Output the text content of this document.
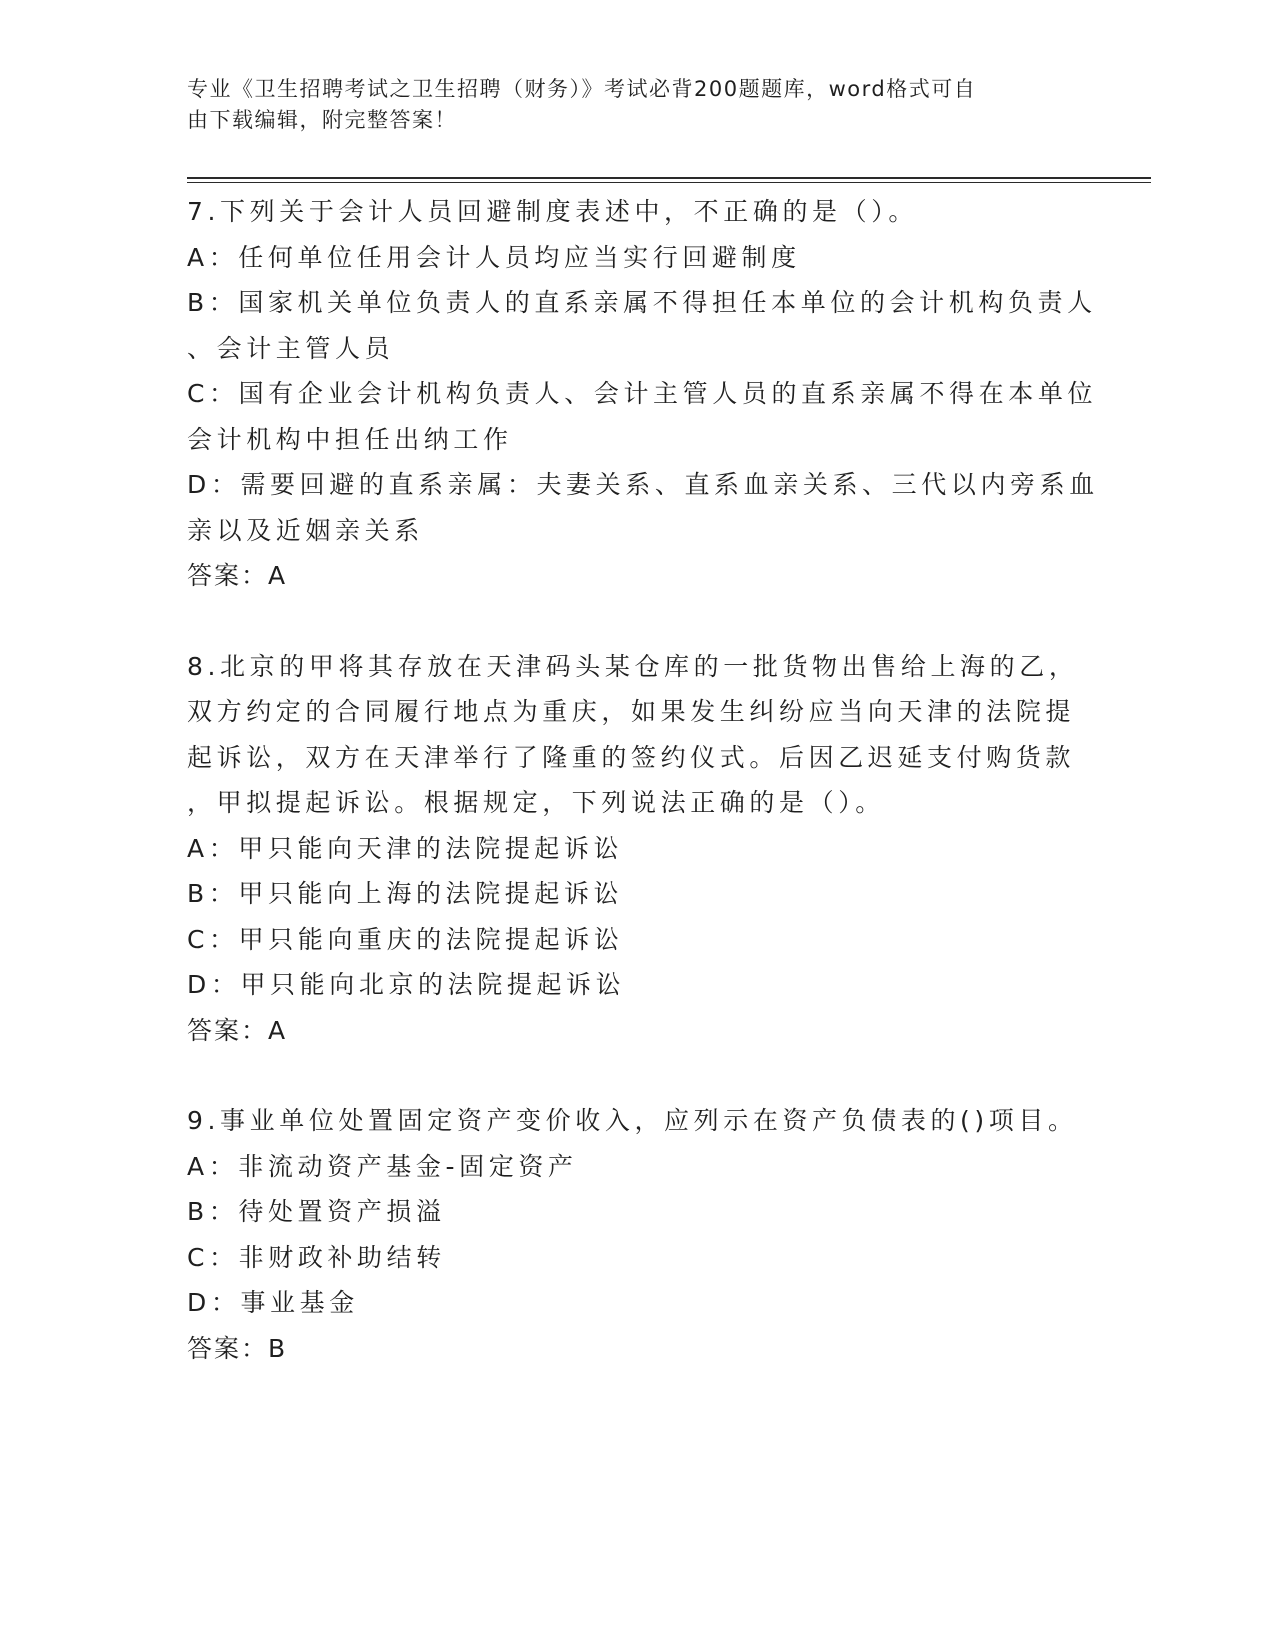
专业《卫生招聘考试之卫生招聘（财务）》考试必背200题题库，word格式可自
由下载编辑，附完整答案！
7.下列关于会计人员回避制度表述中，不正确的是（）。
A：任何单位任用会计人员均应当实行回避制度
B：国家机关单位负责人的直系亲属不得担任本单位的会计机构负责人
、会计主管人员
C：国有企业会计机构负责人、会计主管人员的直系亲属不得在本单位
会计机构中担任出纳工作
D：需要回避的直系亲属：夫妻关系、直系血亲关系、三代以内旁系血
亲以及近姻亲关系
答案：A
8.北京的甲将其存放在天津码头某仓库的一批货物出售给上海的乙，
双方约定的合同履行地点为重庆，如果发生纠纷应当向天津的法院提
起诉讼，双方在天津举行了隆重的签约仪式。后因乙迟延支付购货款
，甲拟提起诉讼。根据规定，下列说法正确的是（）。
A：甲只能向天津的法院提起诉讼
B：甲只能向上海的法院提起诉讼
C：甲只能向重庆的法院提起诉讼
D：甲只能向北京的法院提起诉讼
答案：A
9.事业单位处置固定资产变价收入，应列示在资产负债表的()项目。
A：非流动资产基金-固定资产
B：待处置资产损溢
C：非财政补助结转
D：事业基金
答案：B
